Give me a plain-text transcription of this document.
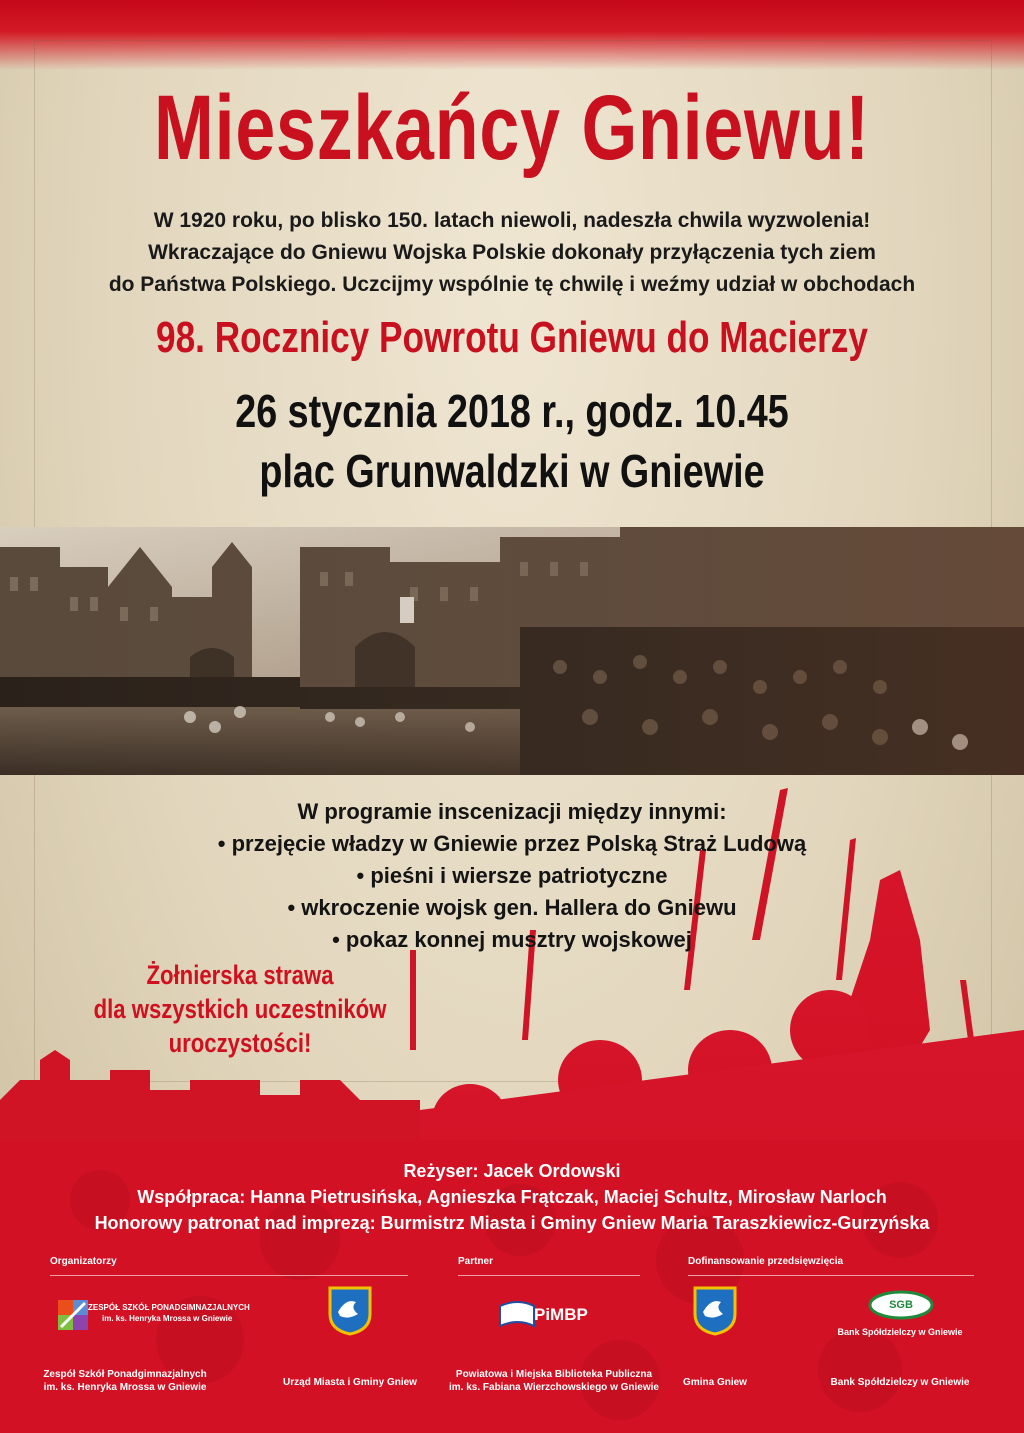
Mieszkańcy Gniewu!
W 1920 roku, po blisko 150. latach niewoli, nadeszła chwila wyzwolenia!
Wkraczające do Gniewu Wojska Polskie dokonały przyłączenia tych ziem
do Państwa Polskiego. Uczcijmy wspólnie tę chwilę i weźmy udział w obchodach
98. Rocznicy Powrotu Gniewu do Macierzy
26 stycznia 2018 r., godz. 10.45
plac Grunwaldzki w Gniewie
W programie inscenizacji między innymi:
• przejęcie władzy w Gniewie przez Polską Straż Ludową
• pieśni i wiersze patriotyczne
• wkroczenie wojsk gen. Hallera do Gniewu
• pokaz konnej musztry wojskowej
Żołnierska strawa
dla wszystkich uczestników
uroczystości!
Reżyser: Jacek Ordowski
Współpraca: Hanna Pietrusińska, Agnieszka Frątczak, Maciej Schultz, Mirosław Narloch
Honorowy patronat nad imprezą: Burmistrz Miasta i Gminy Gniew Maria Taraszkiewicz-Gurzyńska
Organizatorzy	Partner	Dofinansowanie przedsięwzięcia
ZESPÓŁ SZKÓŁ PONADGIMNAZJALNYCH
im. ks. Henryka Mrossa w Gniewie
Zespół Szkół Ponadgimnazjalnych
im. ks. Henryka Mrossa w Gniewie	Urząd Miasta i Gminy Gniew
PiMBP
Powiatowa i Miejska Biblioteka Publiczna
im. ks. Fabiana Wierzchowskiego w Gniewie	Gmina Gniew
SGB
Bank Spółdzielczy w Gniewie
Bank Spółdzielczy w Gniewie
